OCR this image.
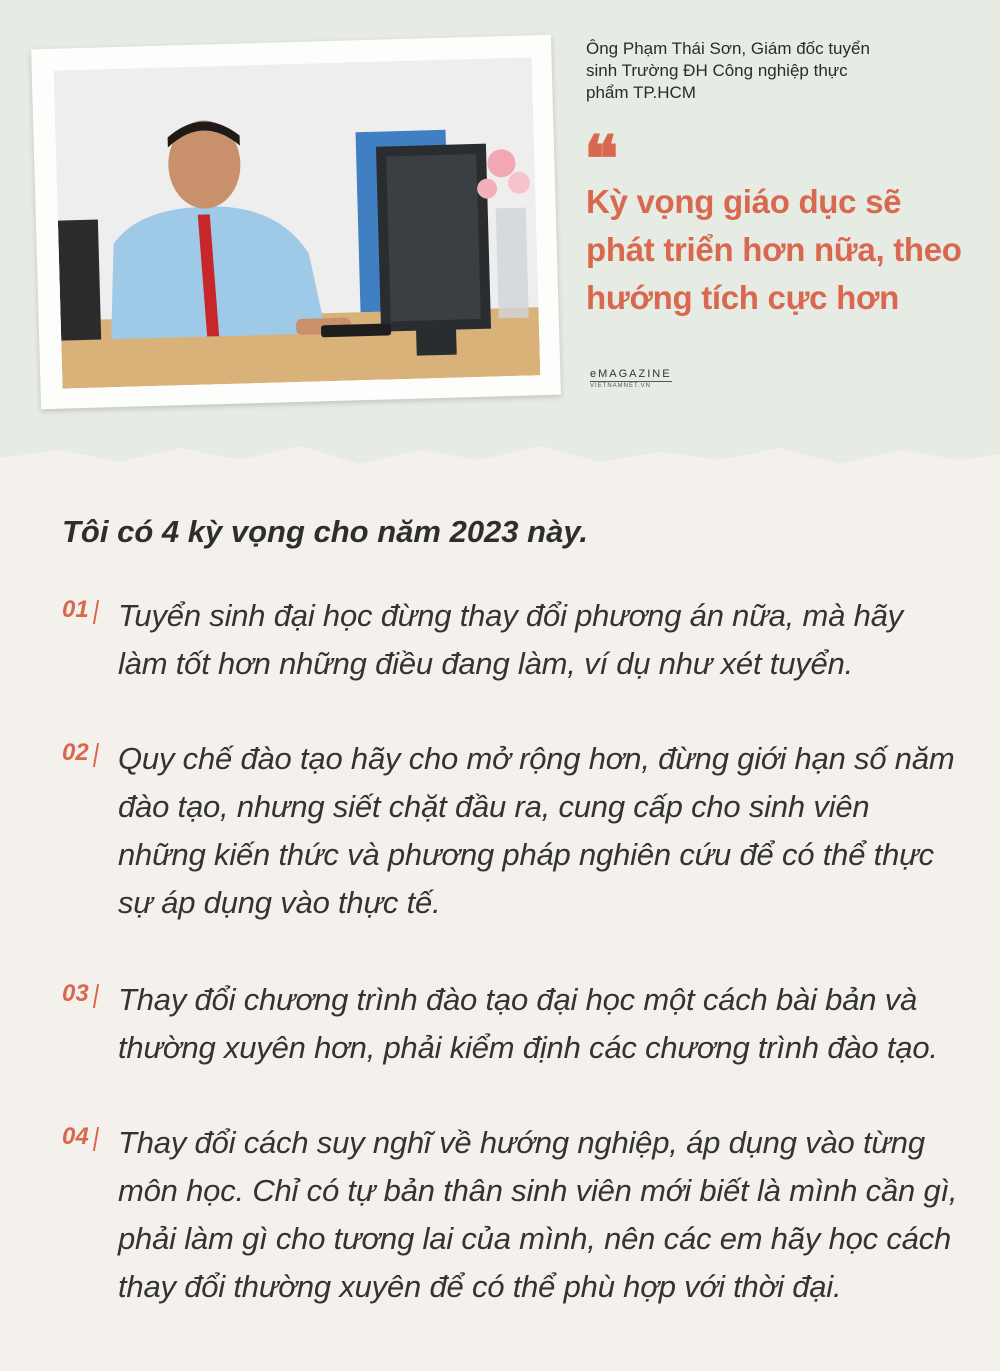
Ông Phạm Thái Sơn, Giám đốc tuyển sinh Trường ĐH Công nghiệp thực phẩm TP.HCM
❝
Kỳ vọng giáo dục sẽ phát triển hơn nữa, theo hướng tích cực hơn
eMAGAZINE
VIETNAMNET.VN
Tôi có 4 kỳ vọng cho năm 2023 này.
01 Tuyển sinh đại học đừng thay đổi phương án nữa, mà hãy làm tốt hơn những điều đang làm, ví dụ như xét tuyển.
02 Quy chế đào tạo hãy cho mở rộng hơn, đừng giới hạn số năm đào tạo, nhưng siết chặt đầu ra, cung cấp cho sinh viên những kiến thức và phương pháp nghiên cứu để có thể thực sự áp dụng vào thực tế.
03 Thay đổi chương trình đào tạo đại học một cách bài bản và thường xuyên hơn, phải kiểm định các chương trình đào tạo.
04 Thay đổi cách suy nghĩ về hướng nghiệp, áp dụng vào từng môn học. Chỉ có tự bản thân sinh viên mới biết là mình cần gì, phải làm gì cho tương lai của mình, nên các em hãy học cách thay đổi thường xuyên để có thể phù hợp với thời đại.
